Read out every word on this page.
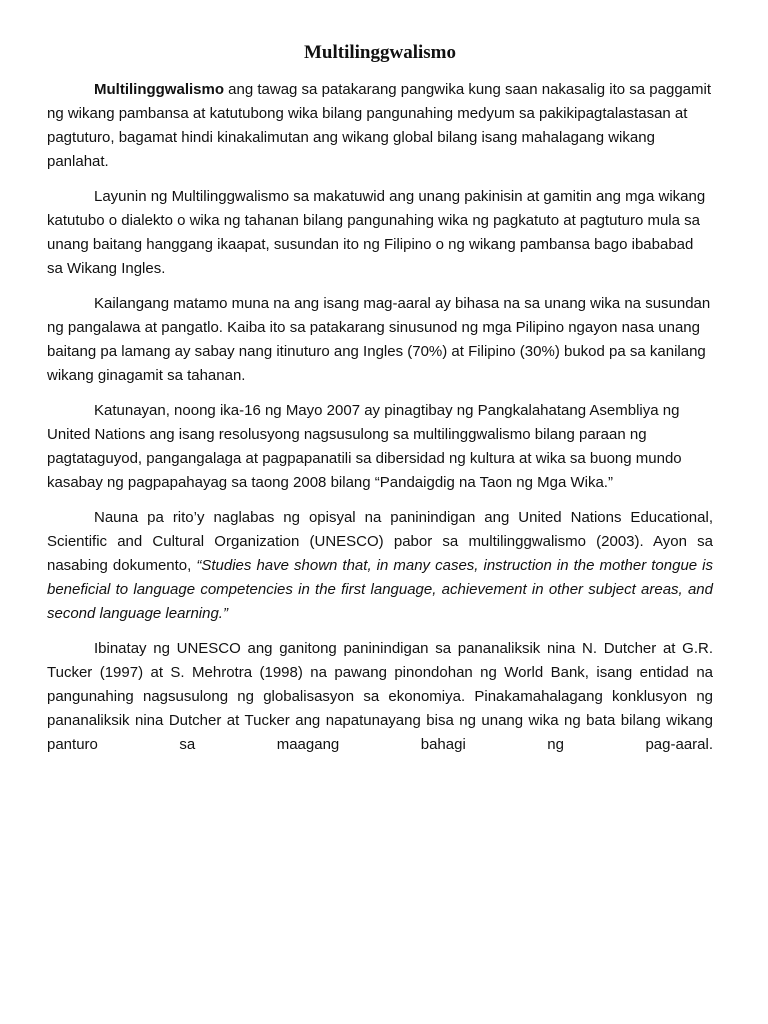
Multilinggwalismo

Multilinggwalismo ang tawag sa patakarang pangwika kung saan nakasalig ito sa paggamit ng wikang pambansa at katutubong wika bilang pangunahing medyum sa pakikipagtalastasan at pagtuturo, bagamat hindi kinakalimutan ang wikang global bilang isang mahalagang wikang panlahat.

Layunin ng Multilinggwalismo sa makatuwid ang unang pakinisin at gamitin ang mga wikang katutubo o dialekto o wika ng tahanan bilang pangunahing wika ng pagkatuto at pagtuturo mula sa unang baitang hanggang ikaapat, susundan ito ng Filipino o ng wikang pambansa bago ibababad sa Wikang Ingles.

Kailangang matamo muna na ang isang mag-aaral ay bihasa na sa unang wika na susundan ng pangalawa at pangatlo. Kaiba ito sa patakarang sinusunod ng mga Pilipino ngayon nasa unang baitang pa lamang ay sabay nang itinuturo ang Ingles (70%) at Filipino (30%) bukod pa sa kanilang wikang ginagamit sa tahanan.

Katunayan, noong ika-16 ng Mayo 2007 ay pinagtibay ng Pangkalahatang Asembliya ng United Nations ang isang resolusyong nagsusulong sa multilinggwalismo bilang paraan ng pagtataguyod, pangangalaga at pagpapanatili sa dibersidad ng kultura at wika sa buong mundo kasabay ng pagpapahayag sa taong 2008 bilang “Pandaigdig na Taon ng Mga Wika.”

Nauna pa rito’y naglabas ng opisyal na paninindigan ang United Nations Educational, Scientific and Cultural Organization (UNESCO) pabor sa multilinggwalismo (2003). Ayon sa nasabing dokumento, “Studies have shown that, in many cases, instruction in the mother tongue is beneficial to language competencies in the first language, achievement in other subject areas, and second language learning.”

Ibinatay ng UNESCO ang ganitong paninindigan sa pananaliksik nina N. Dutcher at G.R. Tucker (1997) at S. Mehrotra (1998) na pawang pinondohan ng World Bank, isang entidad na pangunahing nagsusulong ng globalisasyon sa ekonomiya. Pinakamahalagang konklusyon ng pananaliksik nina Dutcher at Tucker ang napatunayang bisa ng unang wika ng bata bilang wikang panturo sa maagang bahagi ng pag-aaral.
